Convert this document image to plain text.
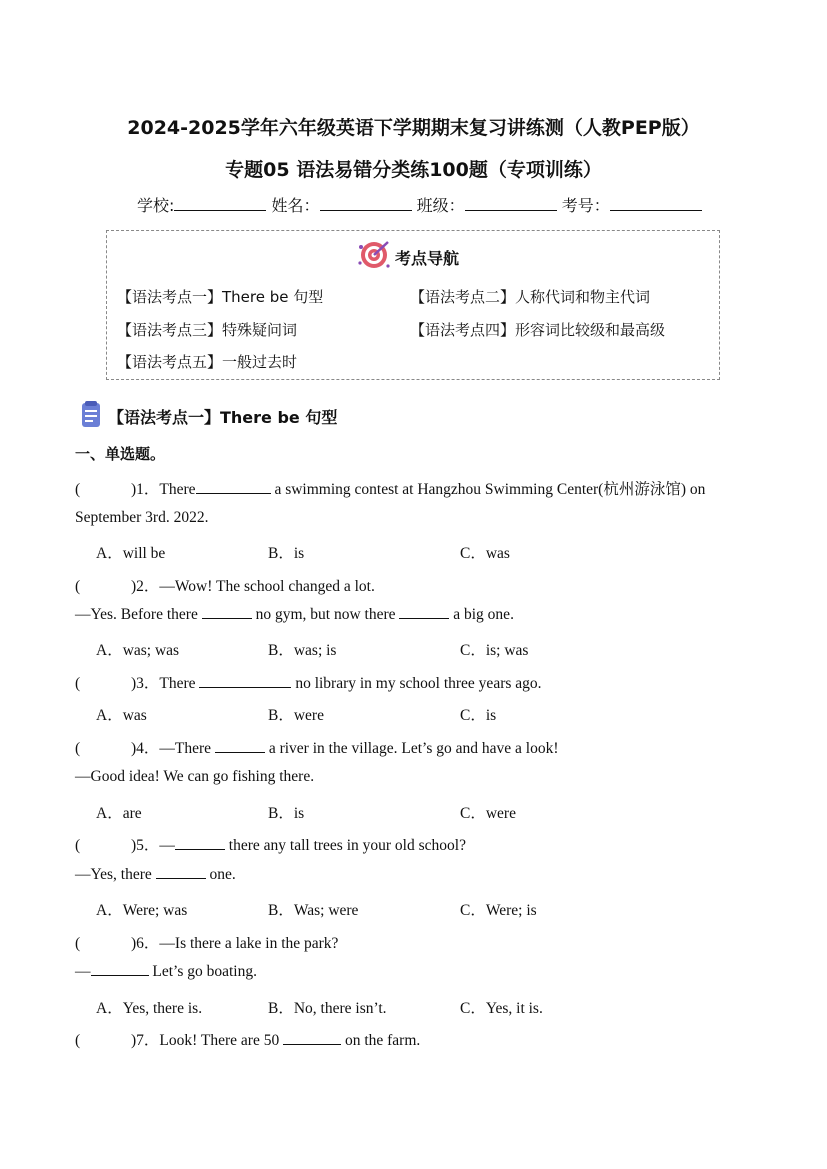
2024-2025学年六年级英语下学期期末复习讲练测（人教PEP版）
专题05 语法易错分类练100题（专项训练）
学校:	姓名：	班级：	考号：
考点导航
【语法考点一】There be 句型	【语法考点二】人称代词和物主代词
【语法考点三】特殊疑问词	【语法考点四】形容词比较级和最高级
【语法考点五】一般过去时
【语法考点一】There be 句型
一、单选题。
(	)1．There	a swimming contest at Hangzhou Swimming Center(杭州游泳馆) on
September 3rd. 2022.
A．will be	B．is	C．was
(	)2．—Wow! The school changed a lot.
—Yes. Before there	no gym, but now there	a big one.
A．was; was	B．was; is	C．is; was
(	)3．There	no library in my school three years ago.
A．was	B．were	C．is
(	)4．—There	a river in the village. Let’s go and have a look!
—Good idea! We can go fishing there.
A．are	B．is	C．were
(	)5．—	there any tall trees in your old school?
—Yes, there	one.
A．Were; was	B．Was; were	C．Were; is
(	)6．—Is there a lake in the park?
—	Let’s go boating.
A．Yes, there is.	B．No, there isn’t.	C．Yes, it is.
(	)7．Look! There are 50	on the farm.
